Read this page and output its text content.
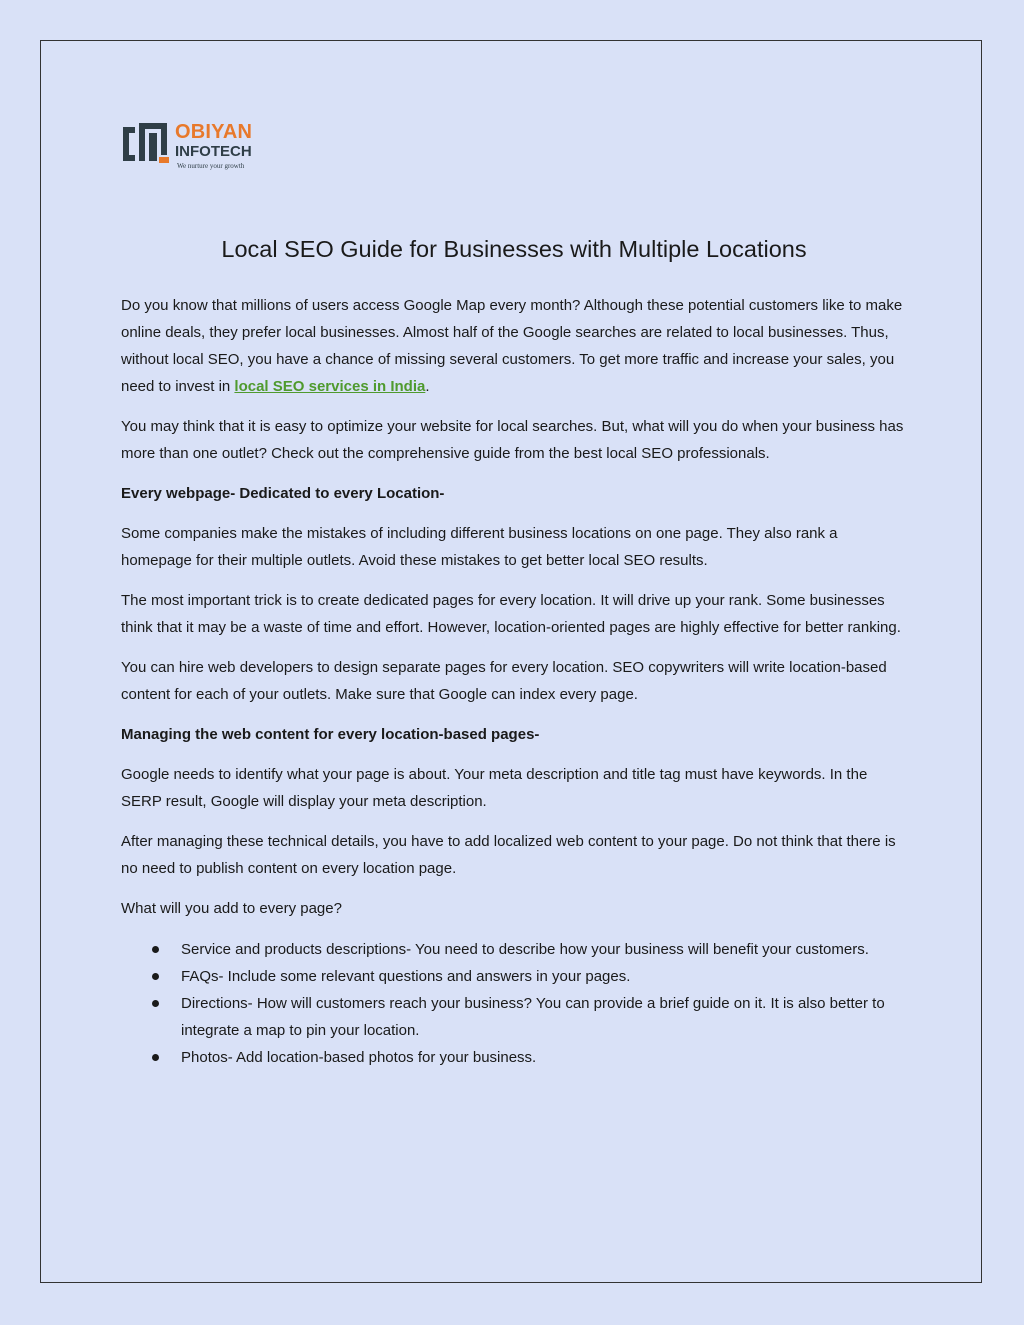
OBIYAN
INFOTECH
We nurture your growth
Local SEO Guide for Businesses with Multiple Locations

Do you know that millions of users access Google Map every month? Although these potential customers like to make online deals, they prefer local businesses. Almost half of the Google searches are related to local businesses. Thus, without local SEO, you have a chance of missing several customers. To get more traffic and increase your sales, you need to invest in local SEO services in India.

You may think that it is easy to optimize your website for local searches. But, what will you do when your business has more than one outlet? Check out the comprehensive guide from the best local SEO professionals.

Every webpage- Dedicated to every Location-

Some companies make the mistakes of including different business locations on one page. They also rank a homepage for their multiple outlets. Avoid these mistakes to get better local SEO results.

The most important trick is to create dedicated pages for every location. It will drive up your rank. Some businesses think that it may be a waste of time and effort. However, location-oriented pages are highly effective for better ranking.

You can hire web developers to design separate pages for every location. SEO copywriters will write location-based content for each of your outlets. Make sure that Google can index every page.

Managing the web content for every location-based pages-

Google needs to identify what your page is about. Your meta description and title tag must have keywords. In the SERP result, Google will display your meta description.

After managing these technical details, you have to add localized web content to your page. Do not think that there is no need to publish content on every location page.

What will you add to every page?

Service and products descriptions- You need to describe how your business will benefit your customers.
FAQs- Include some relevant questions and answers in your pages.
Directions- How will customers reach your business? You can provide a brief guide on it. It is also better to integrate a map to pin your location.
Photos- Add location-based photos for your business.
